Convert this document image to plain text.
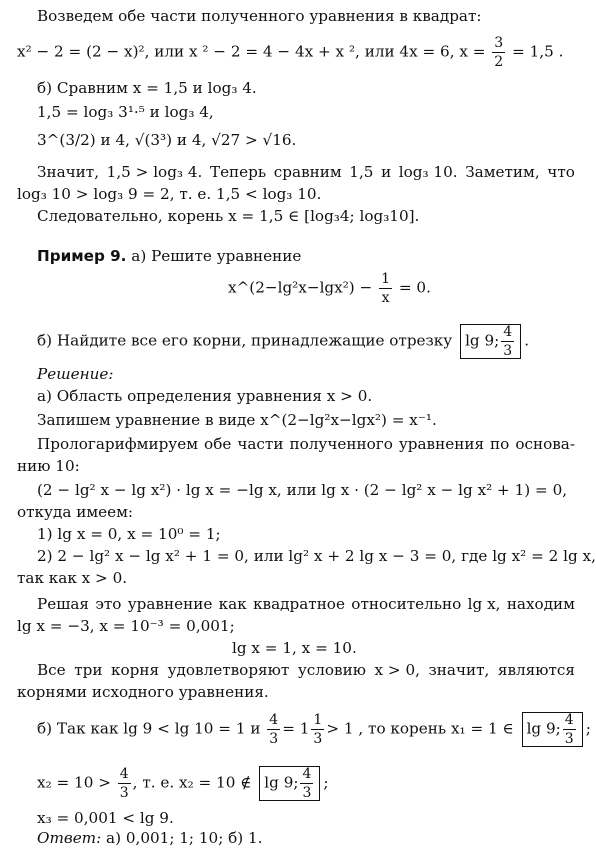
Возведем обе части полученного уравнения в квадрат:
x² − 2 = (2 − x)², или x ² − 2 = 4 − 4x + x ², или 4x = 6, $x = \frac{3}{2} = 1,5$ .
б) Сравним x = 1,5 и log₃ 4.
1,5 = log₃ 3¹·⁵ и log₃ 4,
3^(3/2) и 4, √(3³) и 4, √27 > √16.
Значит, 1,5 > log₃ 4. Теперь сравним 1,5 и log₃ 10. Заметим, что
log₃ 10 > log₃ 9 = 2, т. е. 1,5 < log₃ 10.
Следовательно, корень x = 1,5 ∈ [log₃4; log₃10].
Пример 9. а) Решите уравнение
x^(2−lg²x−lgx²) − $\frac{1}{x} = 0$.
б) Найдите все его корни, принадлежащие отрезку lg 9; $\frac{4}{3}$ .
Решение:
а) Область определения уравнения x > 0.
Запишем уравнение в виде x^(2−lg²x−lgx²) = x⁻¹.
Прологарифмируем обе части полученного уравнения по основа-
нию 10:
(2 − lg² x − lg x²) · lg x = −lg x, или lg x · (2 − lg² x − lg x² + 1) = 0,
откуда имеем:
1) lg x = 0, x = 10⁰ = 1;
2) 2 − lg² x − lg x² + 1 = 0, или lg² x + 2 lg x − 3 = 0, где lg x² = 2 lg x,
так как x > 0.
Решая это уравнение как квадратное относительно lg x, находим
lg x = −3, x = 10⁻³ = 0,001;
lg x = 1, x = 10.
Все три корня удовлетворяют условию x > 0, значит, являются
корнями исходного уравнения.
б) Так как lg 9 < lg 10 = 1 и $\frac{4}{3} = 1 \frac{1}{3} > 1$ , то корень x₁ = 1 ∈ lg 9; $\frac{4}{3}$ ;
$x_2 = 10 > \frac{4}{3}$ , т. е. x₂ = 10 ∉ lg 9; $\frac{4}{3}$ ;
x₃ = 0,001 < lg 9.
Ответ: а) 0,001; 1; 10; б) 1.
